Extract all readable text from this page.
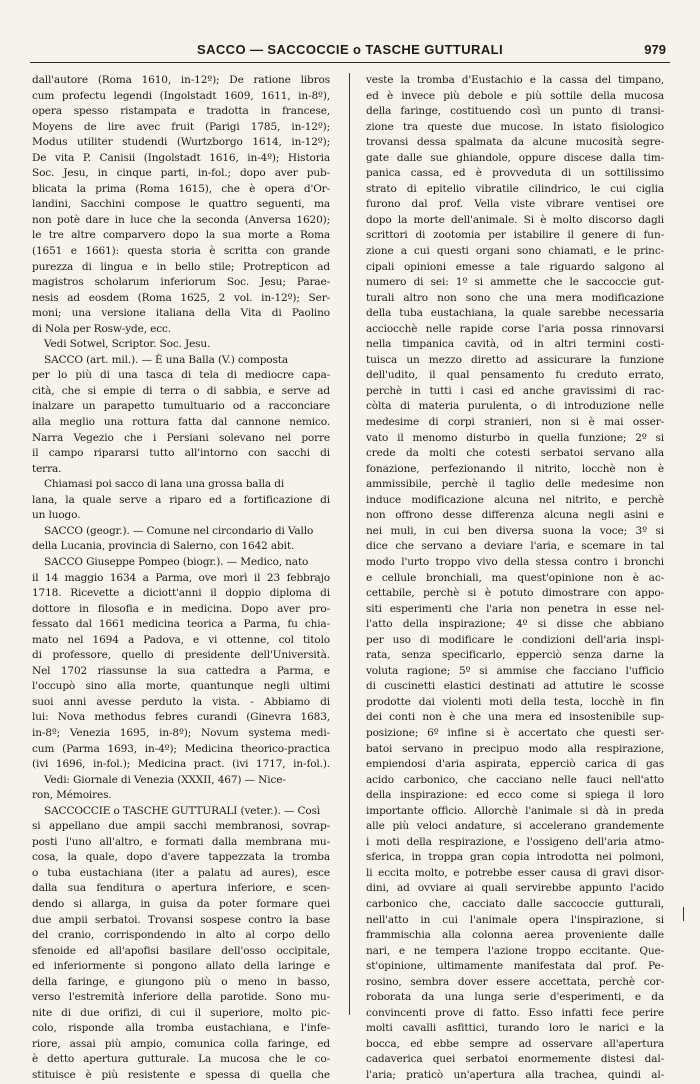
SACCO — SACCOCCIE o TASCHE GUTTURALI	979
dall'autore (Roma 1610, in-12º); De ratione libros
cum profectu legendi (Ingolstadt 1609, 1611, in-8º),
opera spesso ristampata e tradotta in francese,
Moyens de lire avec fruit (Parigi 1785, in-12º);
Modus utiliter studendi (Wurtzborgo 1614, in-12º);
De vita P. Canisii (Ingolstadt 1616, in-4º); Historia
Soc. Jesu, in cinque parti, in-fol.; dopo aver pub-
blicata la prima (Roma 1615), che è opera d'Or-
landini, Sacchini compose le quattro seguenti, ma
non potè dare in luce che la seconda (Anversa 1620);
le tre altre comparvero dopo la sua morte a Roma
(1651 e 1661): questa storia è scritta con grande
purezza di lingua e in bello stile; Protrepticon ad
magistros scholarum inferiorum Soc. Jesu; Parae-
nesis ad eosdem (Roma 1625, 2 vol. in-12º); Ser-
moni; una versione italiana della Vita di Paolino
di Nola per Rosw-yde, ecc.
Vedi Sotwel, Scriptor. Soc. Jesu.
SACCO (art. mil.). — È una Balla (V.) composta
per lo più di una tasca di tela di mediocre capa-
cità, che si empie di terra o di sabbia, e serve ad
inalzare un parapetto tumultuario od a racconciare
alla meglio una rottura fatta dal cannone nemico.
Narra Vegezio che i Persiani solevano nel porre
il campo ripararsi tutto all'intorno con sacchi di
terra.
Chiamasi poi sacco di lana una grossa balla di
lana, la quale serve a riparo ed a fortificazione di
un luogo.
SACCO (geogr.). — Comune nel circondario di Vallo
della Lucania, provincia di Salerno, con 1642 abit.
SACCO Giuseppe Pompeo (biogr.). — Medico, nato
il 14 maggio 1634 a Parma, ove morì il 23 febbrajo
1718. Ricevette a diciott'anni il doppio diploma di
dottore in filosofia e in medicina. Dopo aver pro-
fessato dal 1661 medicina teorica a Parma, fu chia-
mato nel 1694 a Padova, e vi ottenne, col titolo
di professore, quello di presidente dell'Università.
Nel 1702 riassunse la sua cattedra a Parma, e
l'occupò sino alla morte, quantunque negli ultimi
suoi anni avesse perduto la vista. - Abbiamo di
lui: Nova methodus febres curandi (Ginevra 1683,
in-8º; Venezia 1695, in-8º); Novum systema medi-
cum (Parma 1693, in-4º); Medicina theorico-practica
(ivi 1696, in-fol.); Medicina pract. (ivi 1717, in-fol.).
Vedi: Giornale di Venezia (XXXII, 467) — Nice-
ron, Mémoires.
SACCOCCIE o TASCHE GUTTURALI (veter.). — Così
si appellano due ampii sacchi membranosi, sovrap-
posti l'uno all'altro, e formati dalla membrana mu-
cosa, la quale, dopo d'avere tappezzata la tromba
o tuba eustachiana (iter a palatu ad aures), esce
dalla sua fenditura o apertura inferiore, e scen-
dendo si allarga, in guisa da poter formare quei
due ampii serbatoi. Trovansi sospese contro la base
del cranio, corrispondendo in alto al corpo dello
sfenoide ed all'apofisi basilare dell'osso occipitale,
ed inferiormente si pongono allato della laringe e
della faringe, e giungono più o meno in basso,
verso l'estremità inferiore della parotide. Sono mu-
nite di due orifizi, di cui il superiore, molto pic-
colo, risponde alla tromba eustachiana, e l'infe-
riore, assai più ampio, comunica colla faringe, ed
è detto apertura gutturale. La mucosa che le co-
stituisce è più resistente e spessa di quella che
veste la tromba d'Eustachio e la cassa del timpano,
ed è invece più debole e più sottile della mucosa
della faringe, costituendo così un punto di transi-
zione tra queste due mucose. In istato fisiologico
trovansi dessa spalmata da alcune mucosità segre-
gate dalle sue ghiandole, oppure discese dalla tim-
panica cassa, ed è provveduta di un sottilissimo
strato di epitelio vibratile cilindrico, le cui ciglia
furono dal prof. Vella viste vibrare ventisei ore
dopo la morte dell'animale. Si è molto discorso dagli
scrittori di zootomia per istabilire il genere di fun-
zione a cui questi organi sono chiamati, e le princ-
cipali opinioni emesse a tale riguardo salgono al
numero di sei: 1º si ammette che le saccoccie gut-
turali altro non sono che una mera modificazione
della tuba eustachiana, la quale sarebbe necessaria
acciocchè nelle rapide corse l'aria possa rinnovarsi
nella timpanica cavità, od in altri termini costi-
tuisca un mezzo diretto ad assicurare la funzione
dell'udito, il qual pensamento fu creduto errato,
perchè in tutti i casi ed anche gravissimi di rac-
còlta di materia purulenta, o di introduzione nelle
medesime di corpi stranieri, non si è mai osser-
vato il menomo disturbo in quella funzione; 2º si
crede da molti che cotesti serbatoi servano alla
fonazione, perfezionando il nitrito, locchè non è
ammissibile, perchè il taglio delle medesime non
induce modificazione alcuna nel nitrito, e perchè
non offrono desse differenza alcuna negli asini e
nei muli, in cui ben diversa suona la voce; 3º si
dice che servano a deviare l'aria, e scemare in tal
modo l'urto troppo vivo della stessa contro i bronchi
e cellule bronchiali, ma quest'opinione non è ac-
cettabile, perchè si è potuto dimostrare con appo-
siti esperimenti che l'aria non penetra in esse nel-
l'atto della inspirazione; 4º si disse che abbiano
per uso di modificare le condizioni dell'aria inspi-
rata, senza specificarlo, epperciò senza darne la
voluta ragione; 5º si ammise che facciano l'ufficio
di cuscinetti elastici destinati ad attutire le scosse
prodotte dai violenti moti della testa, locchè in fin
dei conti non è che una mera ed insostenibile sup-
posizione; 6º infine si è accertato che questi ser-
batoi servano in precipuo modo alla respirazione,
empiendosi d'aria aspirata, epperciò carica di gas
acido carbonico, che cacciano nelle fauci nell'atto
della inspirazione: ed ecco come si spiega il loro
importante officio. Allorchè l'animale si dà in preda
alle più veloci andature, si accelerano grandemente
i moti della respirazione, e l'ossigeno dell'aria atmo-
sferica, in troppa gran copia introdotta nei polmoni,
li eccita molto, e potrebbe esser causa di gravi disor-
dini, ad ovviare ai quali servirebbe appunto l'acido
carbonico che, cacciato dalle saccoccie gutturali,
nell'atto in cui l'animale opera l'inspirazione, si
frammischia alla colonna aerea proveniente dalle
nari, e ne tempera l'azione troppo eccitante. Que-
st'opinione, ultimamente manifestata dal prof. Pe-
rosino, sembra dover essere accettata, perchè cor-
roborata da una lunga serie d'esperimenti, e da
convincenti prove di fatto. Esso infatti fece perire
molti cavalli asfittici, turando loro le narici e la
bocca, ed ebbe sempre ad osservare all'apertura
cadaverica quei serbatoi enormemente distesi dal-
l'aria; praticò un'apertura alla trachea, quindi al-
